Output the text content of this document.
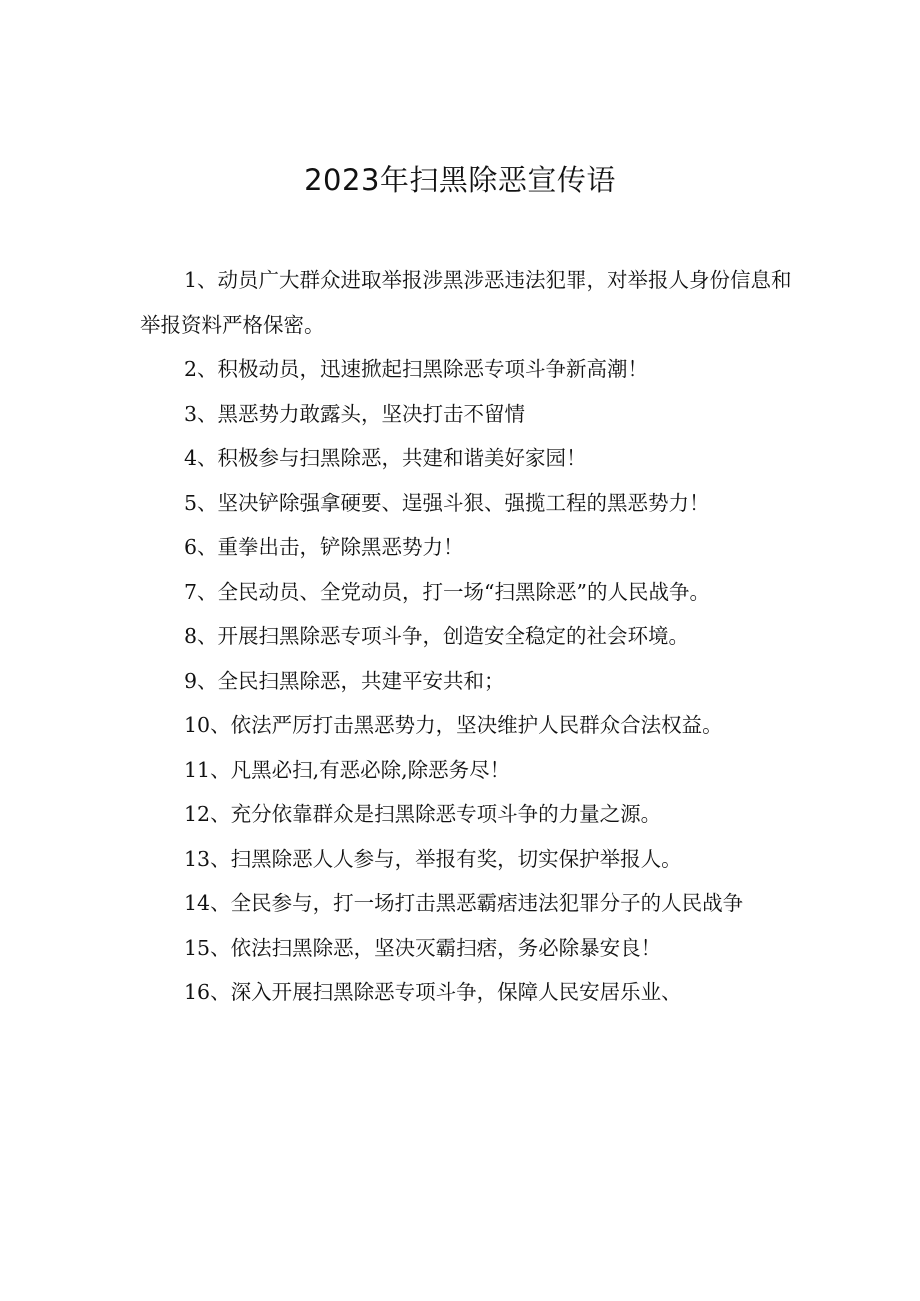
2023年扫黑除恶宣传语
1、动员广大群众进取举报涉黑涉恶违法犯罪，对举报人身份信息和举报资料严格保密。
2、积极动员，迅速掀起扫黑除恶专项斗争新高潮！
3、黑恶势力敢露头，坚决打击不留情
4、积极参与扫黑除恶，共建和谐美好家园！
5、坚决铲除强拿硬要、逞强斗狠、强揽工程的黑恶势力！
6、重拳出击，铲除黑恶势力！
7、全民动员、全党动员，打一场“扫黑除恶”的人民战争。
8、开展扫黑除恶专项斗争，创造安全稳定的社会环境。
9、全民扫黑除恶，共建平安共和；
10、依法严厉打击黑恶势力，坚决维护人民群众合法权益。
11、凡黑必扫,有恶必除,除恶务尽！
12、充分依靠群众是扫黑除恶专项斗争的力量之源。
13、扫黑除恶人人参与，举报有奖，切实保护举报人。
14、全民参与，打一场打击黑恶霸痞违法犯罪分子的人民战争
15、依法扫黑除恶，坚决灭霸扫痞，务必除暴安良！
16、深入开展扫黑除恶专项斗争，保障人民安居乐业、
